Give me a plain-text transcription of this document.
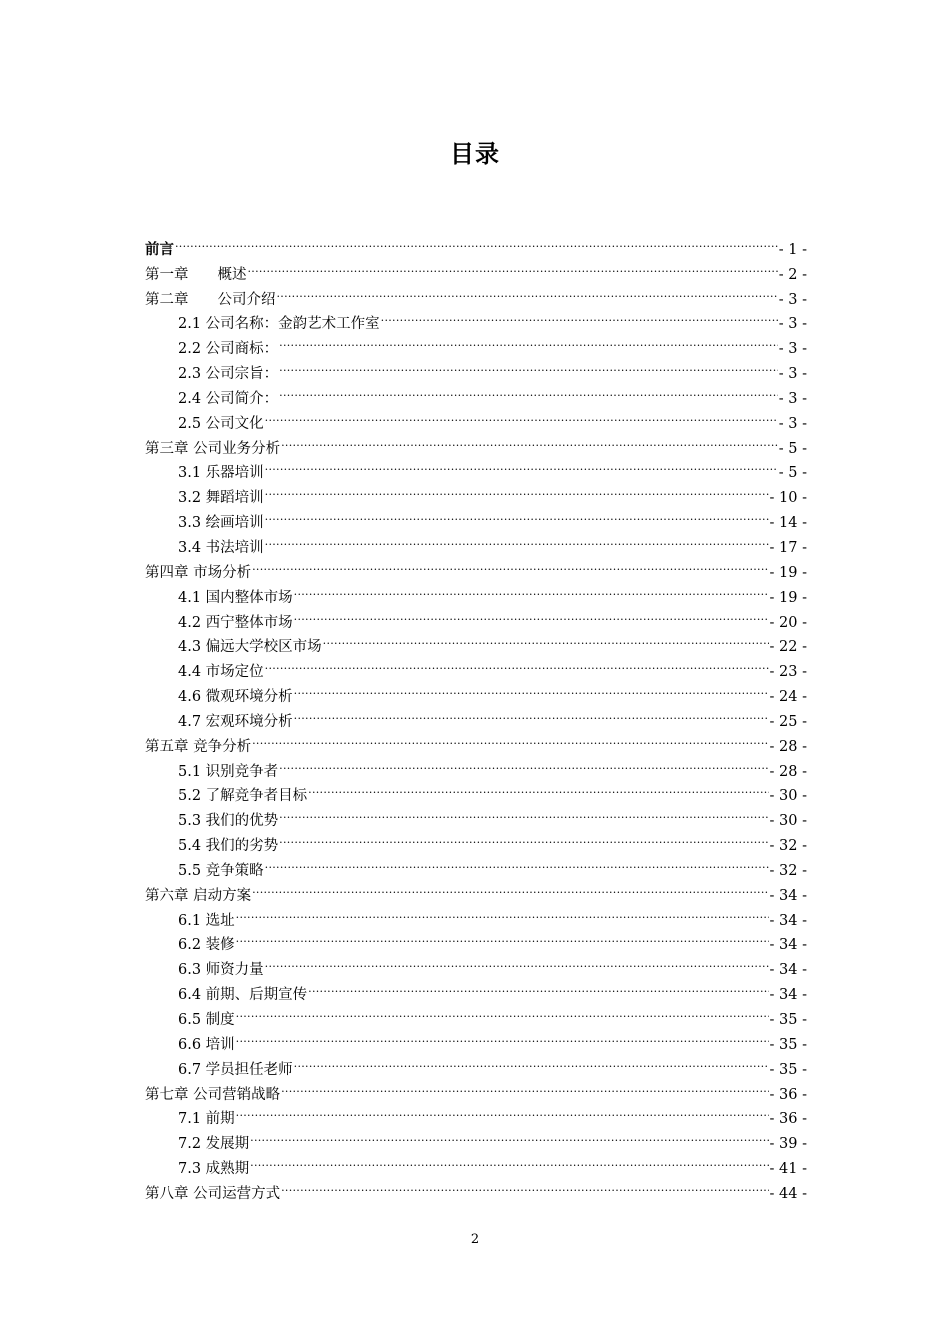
目录
前言 .....	- 1 -
第一章　　概述 .....	- 2 -
第二章　　公司介绍 .....	- 3 -
2.1 公司名称：金韵艺术工作室 .....	- 3 -
2.2 公司商标： .....	- 3 -
2.3 公司宗旨： .....	- 3 -
2.4 公司简介： .....	- 3 -
2.5 公司文化 .....	- 3 -
第三章 公司业务分析 .....	- 5 -
3.1 乐器培训 .....	- 5 -
3.2 舞蹈培训 .....	- 10 -
3.3 绘画培训 .....	- 14 -
3.4 书法培训 .....	- 17 -
第四章 市场分析 .....	- 19 -
4.1 国内整体市场 .....	- 19 -
4.2 西宁整体市场 .....	- 20 -
4.3 偏远大学校区市场 .....	- 22 -
4.4 市场定位 .....	- 23 -
4.6 微观环境分析 .....	- 24 -
4.7 宏观环境分析 .....	- 25 -
第五章 竞争分析 .....	- 28 -
5.1 识别竞争者 .....	- 28 -
5.2 了解竞争者目标 .....	- 30 -
5.3 我们的优势 .....	- 30 -
5.4 我们的劣势 .....	- 32 -
5.5 竞争策略 .....	- 32 -
第六章 启动方案 .....	- 34 -
6.1 选址 .....	- 34 -
6.2 装修 .....	- 34 -
6.3 师资力量 .....	- 34 -
6.4 前期、后期宣传 .....	- 34 -
6.5 制度 .....	- 35 -
6.6 培训 .....	- 35 -
6.7 学员担任老师 .....	- 35 -
第七章 公司营销战略 .....	- 36 -
7.1 前期 .....	- 36 -
7.2 发展期 .....	- 39 -
7.3 成熟期 .....	- 41 -
第八章 公司运营方式 .....	- 44 -
2
